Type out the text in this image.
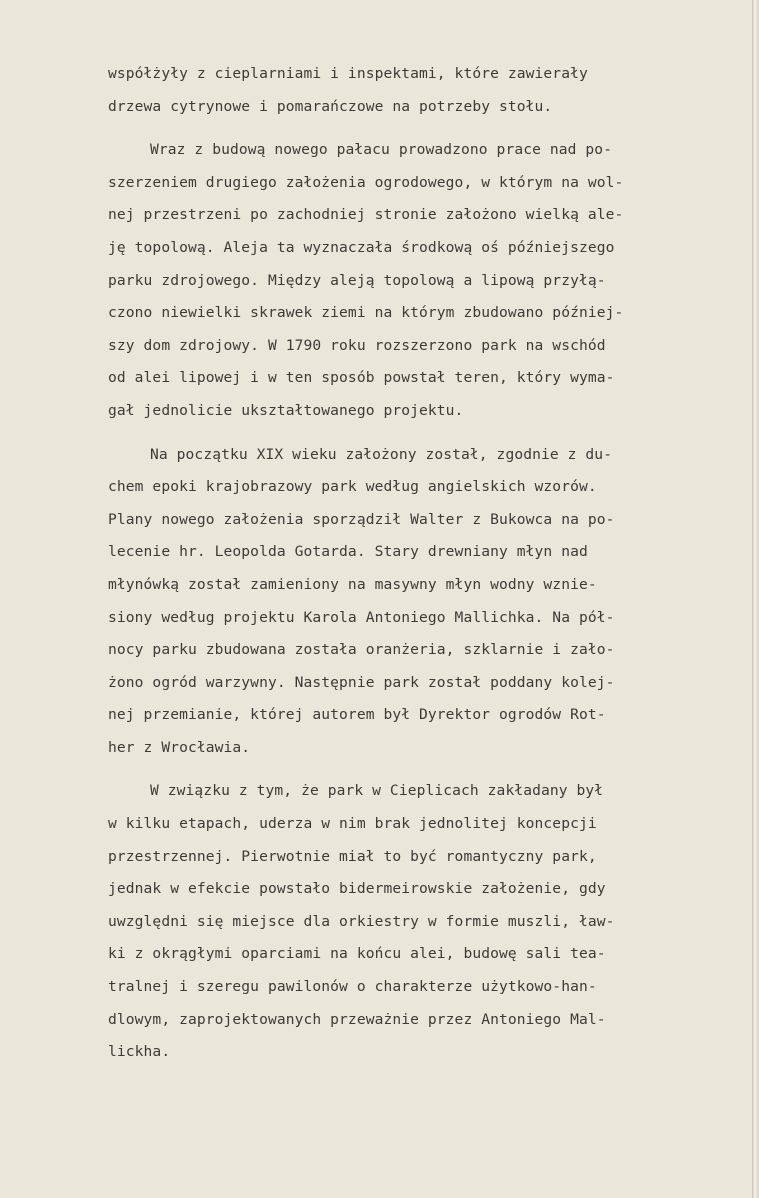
współżyły z cieplarniami i inspektami, które zawierały
drzewa cytrynowe i pomarańczowe na potrzeby stołu.
Wraz z budową nowego pałacu prowadzono prace nad po-
szerzeniem drugiego założenia ogrodowego, w którym na wol-
nej przestrzeni po zachodniej stronie założono wielką ale-
ję topolową. Aleja ta wyznaczała środkową oś późniejszego
parku zdrojowego. Między aleją topolową a lipową przyłą-
czono niewielki skrawek ziemi na którym zbudowano później-
szy dom zdrojowy. W 1790 roku rozszerzono park na wschód
od alei lipowej i w ten sposób powstał teren, który wyma-
gał jednolicie ukształtowanego projektu.
Na początku XIX wieku założony został, zgodnie z du-
chem epoki krajobrazowy park według angielskich wzorów.
Plany nowego założenia sporządził Walter z Bukowca na po-
lecenie hr. Leopolda Gotarda. Stary drewniany młyn nad
młynówką został zamieniony na masywny młyn wodny wznie-
siony według projektu Karola Antoniego Mallichka. Na pół-
nocy parku zbudowana została oranżeria, szklarnie i zało-
żono ogród warzywny. Następnie park został poddany kolej-
nej przemianie, której autorem był Dyrektor ogrodów Rot-
her z Wrocławia.
W związku z tym, że park w Cieplicach zakładany był
w kilku etapach, uderza w nim brak jednolitej koncepcji
przestrzennej. Pierwotnie miał to być romantyczny park,
jednak w efekcie powstało bidermeirowskie założenie, gdy
uwzględni się miejsce dla orkiestry w formie muszli, ław-
ki z okrągłymi oparciami na końcu alei, budowę sali tea-
tralnej i szeregu pawilonów o charakterze użytkowo-han-
dlowym, zaprojektowanych przeważnie przez Antoniego Mal-
lickha.
